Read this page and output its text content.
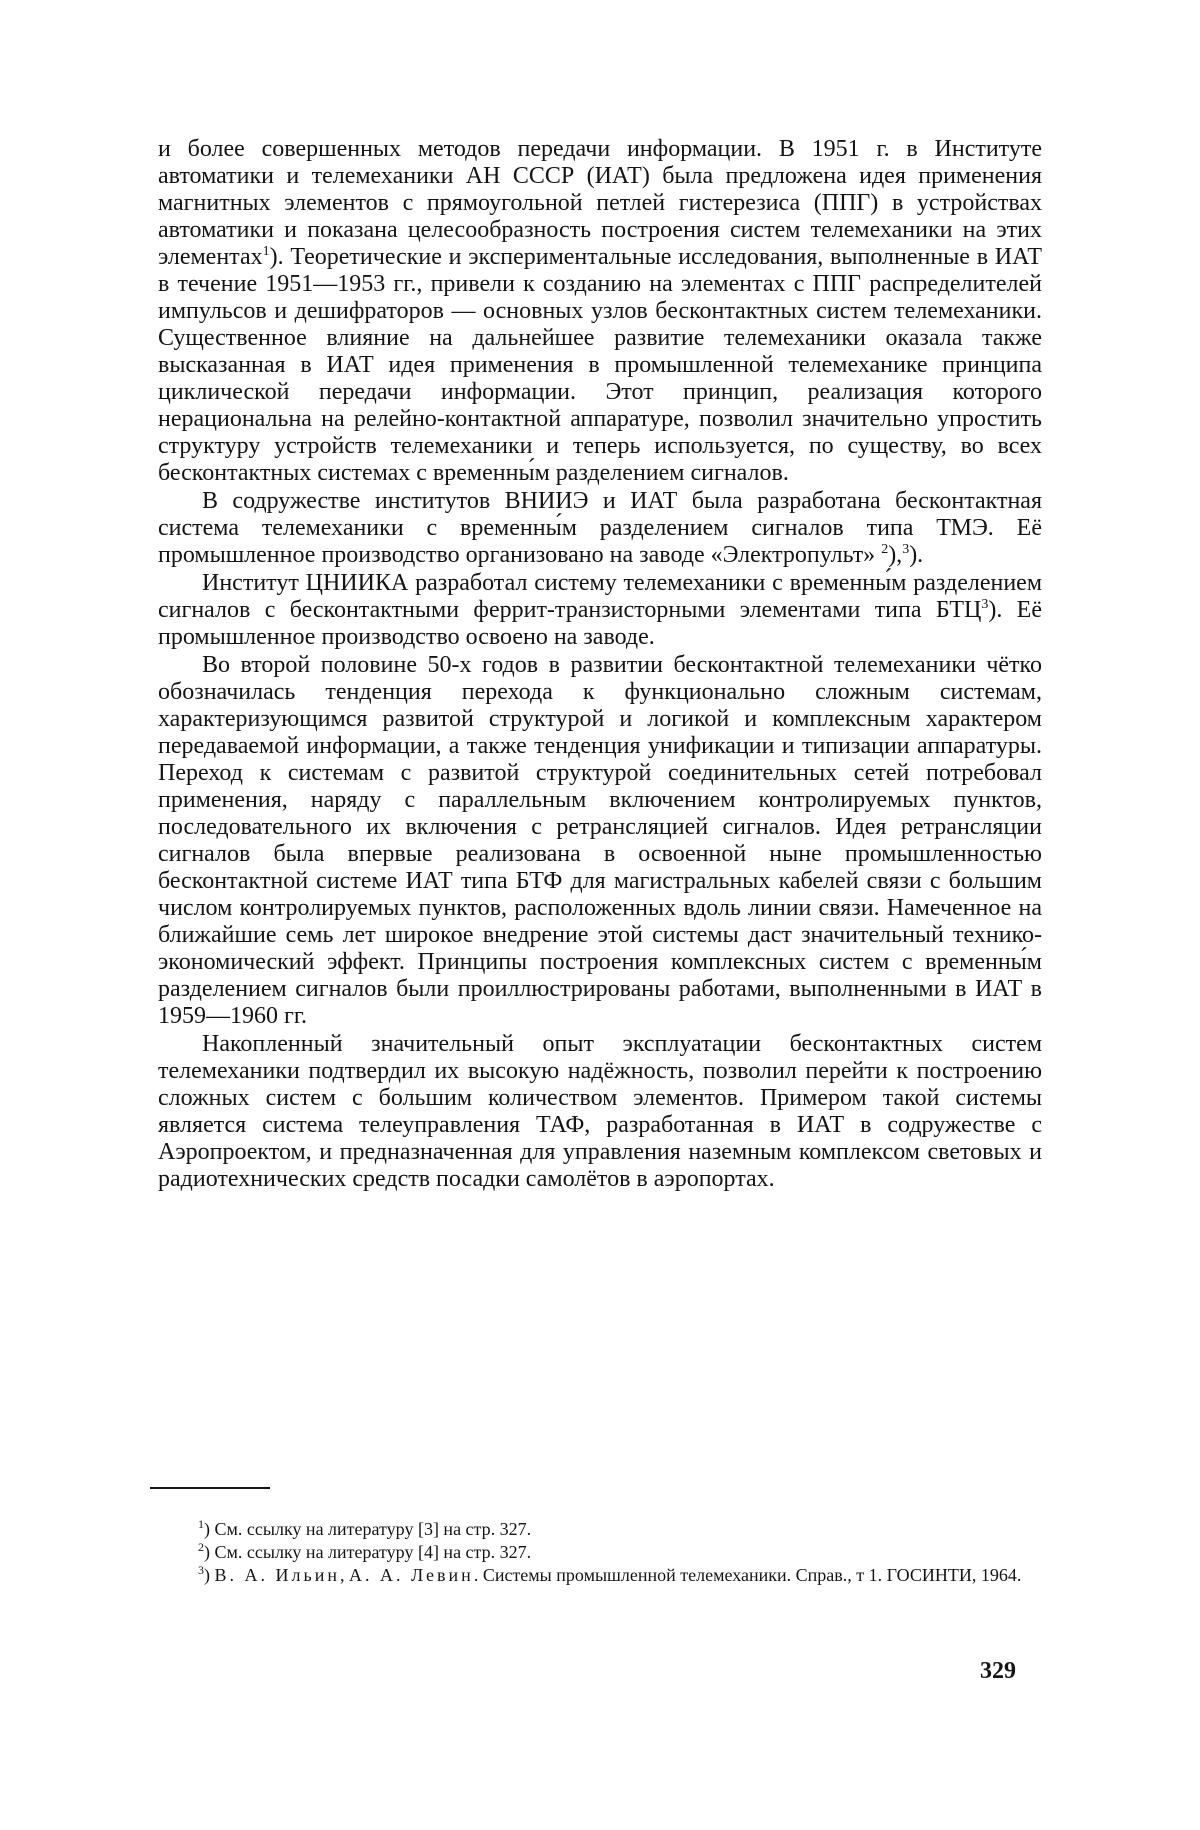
и более совершенных методов передачи информации. В 1951 г. в Институте автоматики и телемеханики АН СССР (ИАТ) была предложена идея применения магнитных элементов с прямоугольной петлей гистерезиса (ППГ) в устройствах автоматики и показана целесообразность построения систем телемеханики на этих элементах$^1$). Теоретические и экспериментальные исследования, выполненные в ИАТ в течение 1951—1953 гг., привели к созданию на элементах с ППГ распределителей импульсов и дешифраторов — основных узлов бесконтактных систем телемеханики. Существенное влияние на дальнейшее развитие телемеханики оказала также высказанная в ИАТ идея применения в промышленной телемеханике принципа циклической передачи информации. Этот принцип, реализация которого нерациональна на релейно-контактной аппаратуре, позволил значительно упростить структуру устройств телемеханики и теперь используется, по существу, во всех бесконтактных системах с временны́м разделением сигналов.

В содружестве институтов ВНИИЭ и ИАТ была разработана бесконтактная система телемеханики с временны́м разделением сигналов типа ТМЭ. Её промышленное производство организовано на заводе «Электропульт» $^2$),$^3$).

Институт ЦНИИКА разработал систему телемеханики с временны́м разделением сигналов с бесконтактными феррит-транзисторными элементами типа БТЦ$^3$). Её промышленное производство освоено на заводе.

Во второй половине 50-х годов в развитии бесконтактной телемеханики чётко обозначилась тенденция перехода к функционально сложным системам, характеризующимся развитой структурой и логикой и комплексным характером передаваемой информации, а также тенденция унификации и типизации аппаратуры. Переход к системам с развитой структурой соединительных сетей потребовал применения, наряду с параллельным включением контролируемых пунктов, последовательного их включения с ретрансляцией сигналов. Идея ретрансляции сигналов была впервые реализована в освоенной ныне промышленностью бесконтактной системе ИАТ типа БТФ для магистральных кабелей связи с большим числом контролируемых пунктов, расположенных вдоль линии связи. Намеченное на ближайшие семь лет широкое внедрение этой системы даст значительный технико-экономический эффект. Принципы построения комплексных систем с временны́м разделением сигналов были проиллюстрированы работами, выполненными в ИАТ в 1959—1960 гг.

Накопленный значительный опыт эксплуатации бесконтактных систем телемеханики подтвердил их высокую надёжность, позволил перейти к построению сложных систем с большим количеством элементов. Примером такой системы является система телеуправления ТАФ, разработанная в ИАТ в содружестве с Аэропроектом, и предназначенная для управления наземным комплексом световых и радиотехнических средств посадки самолётов в аэропортах.

$^1$) См. ссылку на литературу [3] на стр. 327.

$^2$) См. ссылку на литературу [4] на стр. 327.

$^3$) В. А. Ильин, А. А. Левин. Системы промышленной телемеханики. Справ., т 1. ГОСИНТИ, 1964.

329
